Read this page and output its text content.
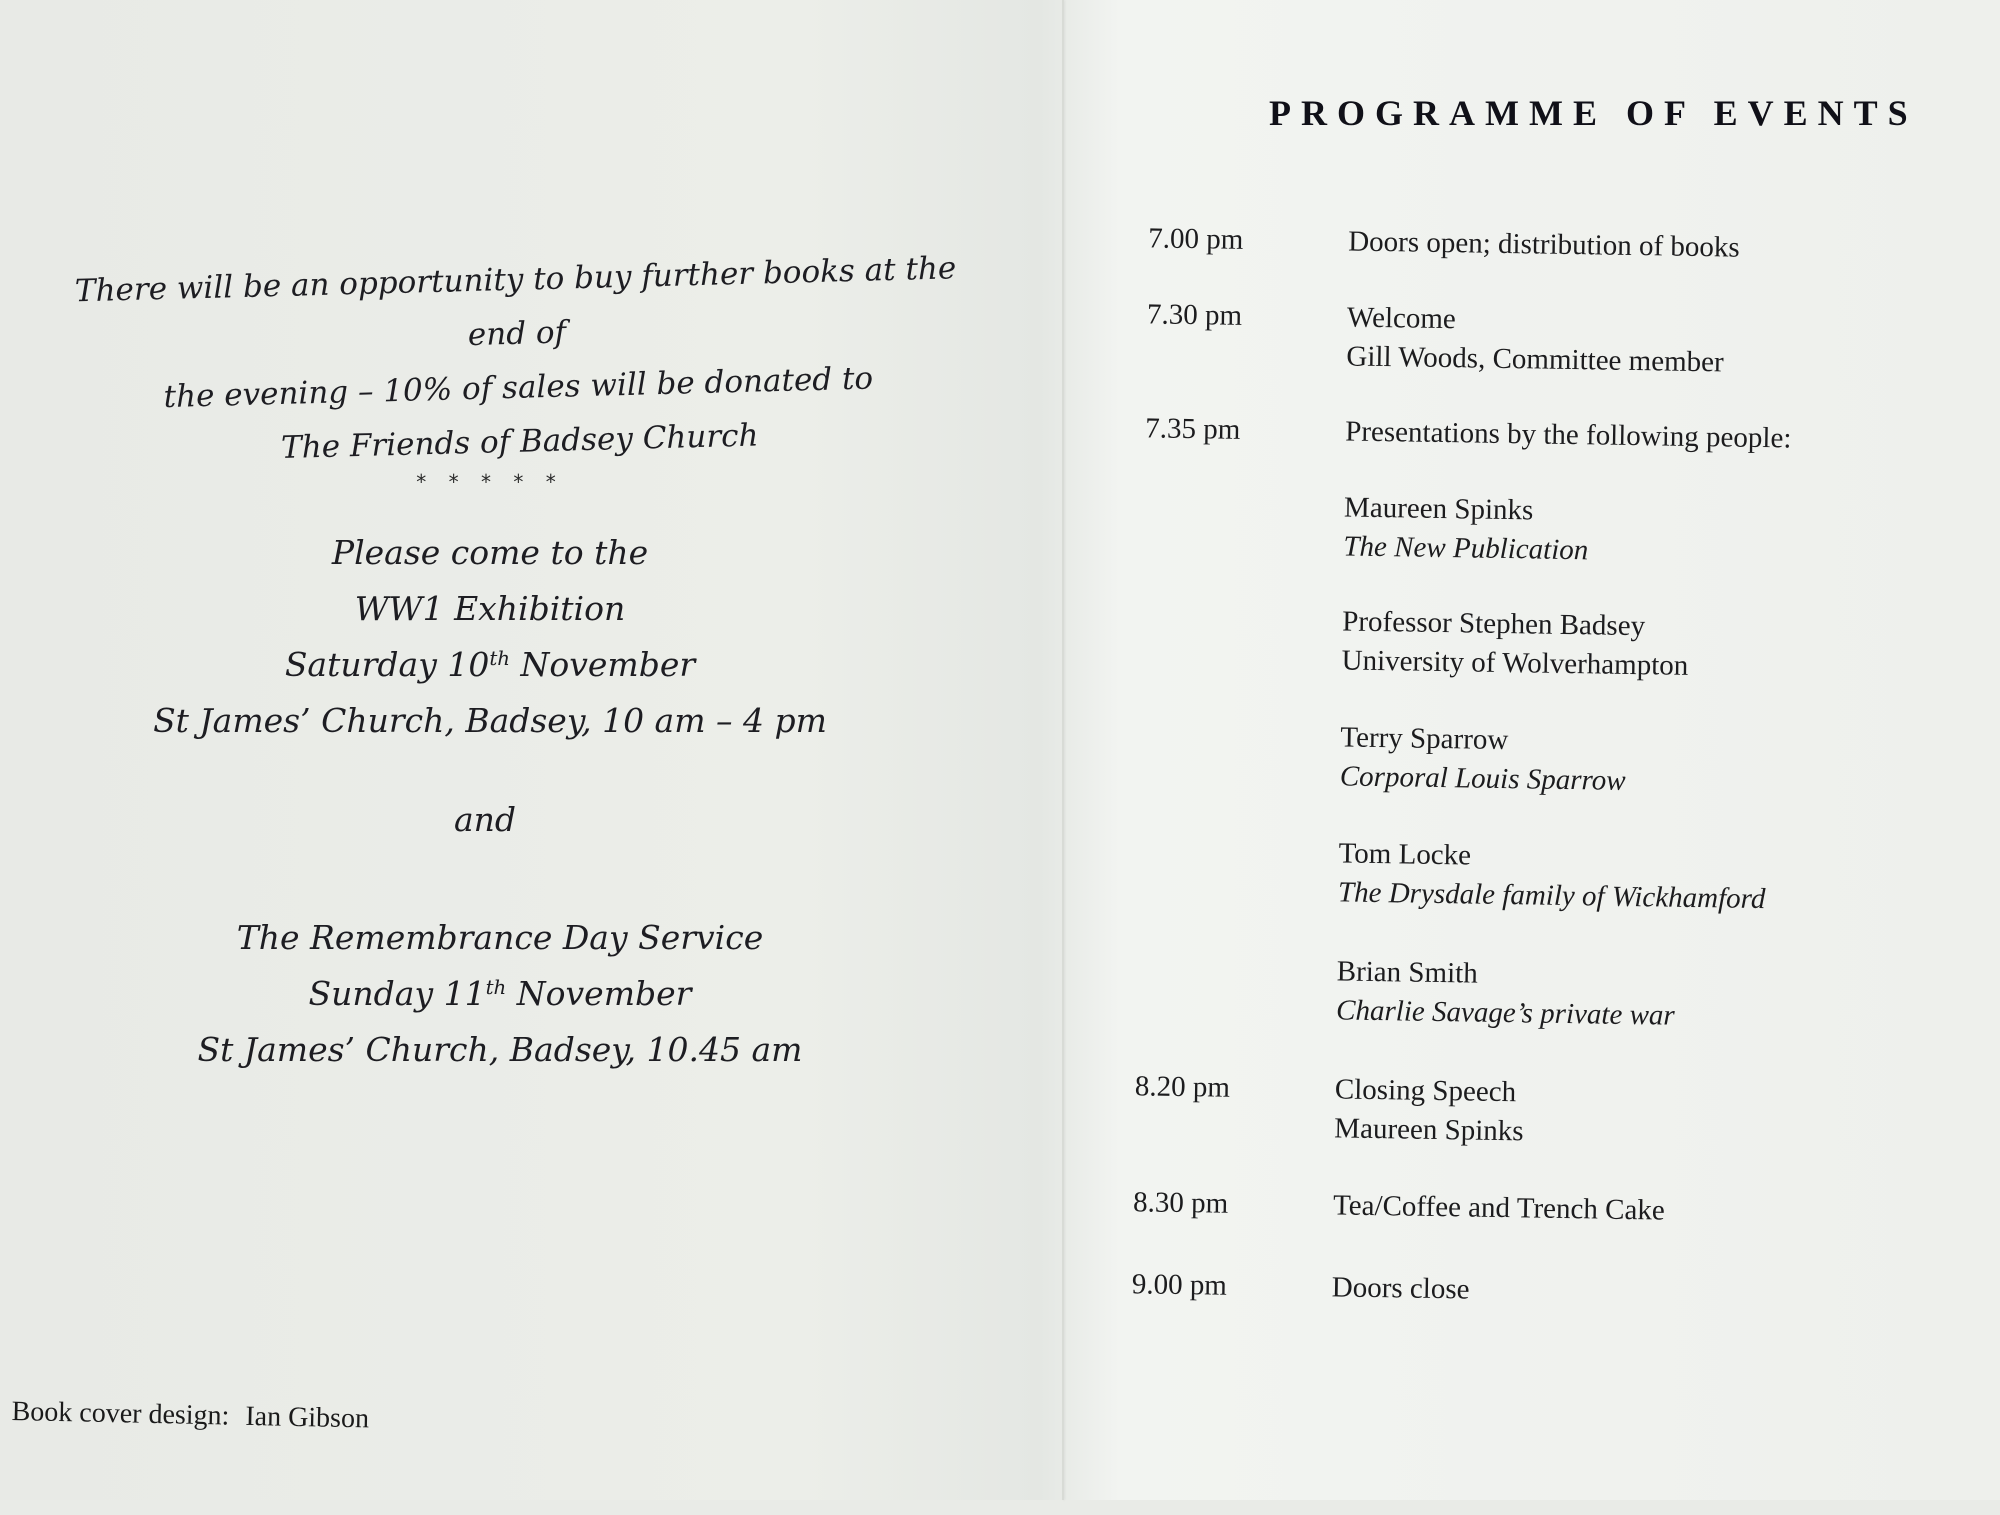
There will be an opportunity to buy further books at the end of
the evening – 10% of sales will be donated to
The Friends of Badsey Church
* * * * *
Please come to the
WW1 Exhibition
Saturday 10th November
St James’ Church, Badsey, 10 am – 4 pm
and
The Remembrance Day Service
Sunday 11th November
St James’ Church, Badsey, 10.45 am
Book cover design: Ian Gibson
PROGRAMME OF EVENTS
7.00 pm	Doors open; distribution of books
7.30 pm	Welcome
Gill Woods, Committee member
7.35 pm	Presentations by the following people:
Maureen Spinks
The New Publication
Professor Stephen Badsey
University of Wolverhampton
Terry Sparrow
Corporal Louis Sparrow
Tom Locke
The Drysdale family of Wickhamford
Brian Smith
Charlie Savage’s private war
8.20 pm	Closing Speech
Maureen Spinks
8.30 pm	Tea/Coffee and Trench Cake
9.00 pm	Doors close
